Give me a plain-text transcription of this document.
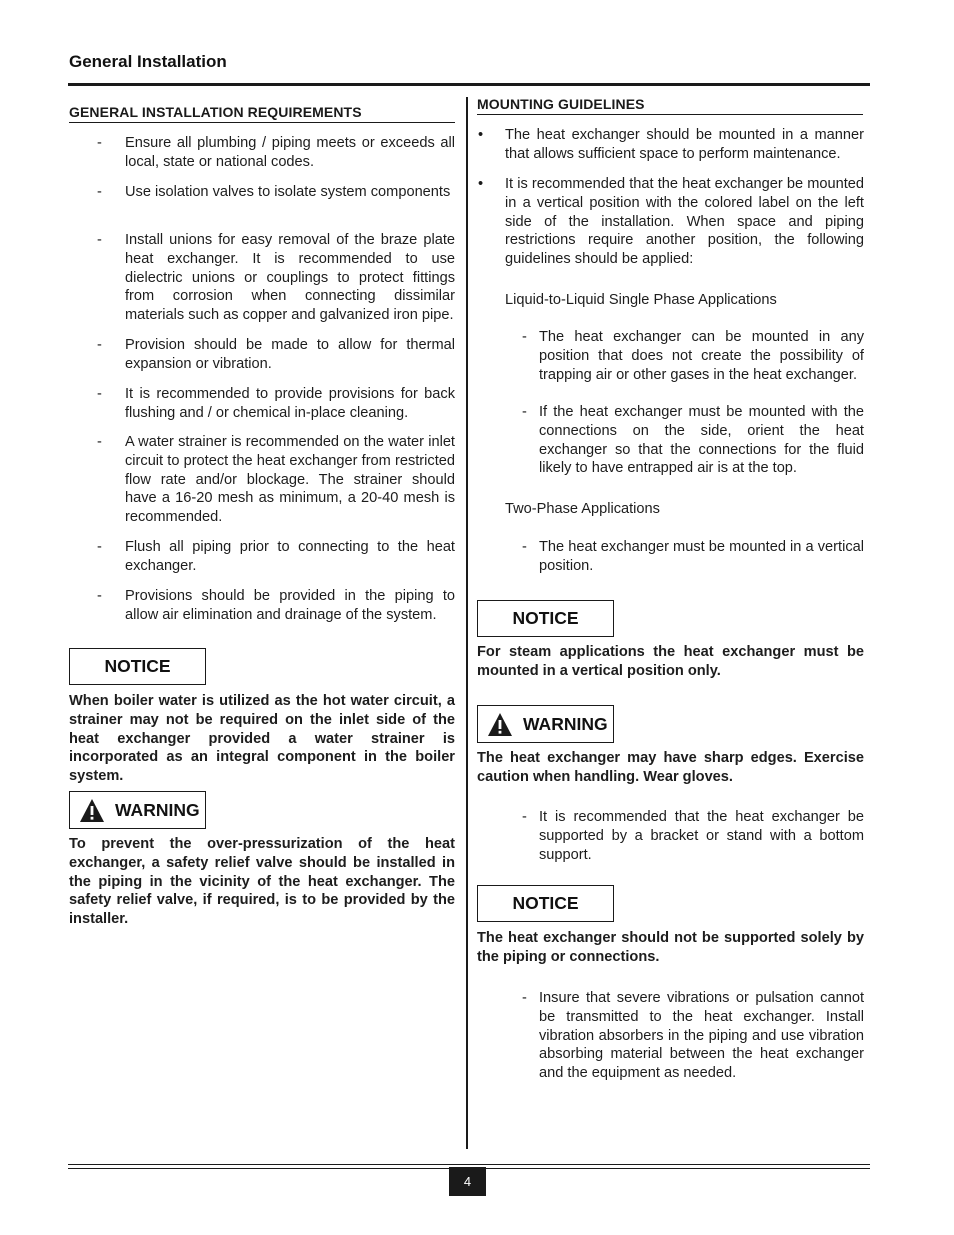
General Installation
GENERAL INSTALLATION REQUIREMENTS
- Ensure all plumbing / piping meets or exceeds all local, state or national codes.
- Use isolation valves to isolate system components
- Install unions for easy removal of the braze plate heat exchanger. It is recommended to use dielectric unions or couplings to protect fittings from corrosion when connecting dissimilar materials such as copper and galvanized iron pipe.
- Provision should be made to allow for thermal expansion or vibration.
- It is recommended to provide provisions for back flushing and / or chemical in-place cleaning.
- A water strainer is recommended on the water inlet circuit to protect the heat exchanger from restricted flow rate and/or blockage. The strainer should have a 16-20 mesh as minimum, a 20-40 mesh is recommended.
- Flush all piping prior to connecting to the heat exchanger.
- Provisions should be provided in the piping to allow air elimination and drainage of the system.
NOTICE
When boiler water is utilized as the hot water circuit, a strainer may not be required on the inlet side of the heat exchanger provided a water strainer is incorporated as an integral component in the boiler system.
WARNING
To prevent the over-pressurization of the heat exchanger, a safety relief valve should be installed in the piping in the vicinity of the heat exchanger. The safety relief valve, if required, is to be provided by the installer.
MOUNTING GUIDELINES
• The heat exchanger should be mounted in a manner that allows sufficient space to perform maintenance.
• It is recommended that the heat exchanger be mounted in a vertical position with the colored label on the left side of the installation. When space and piping restrictions require another position, the following guidelines should be applied:
Liquid-to-Liquid Single Phase Applications
- The heat exchanger can be mounted in any position that does not create the possibility of trapping air or other gases in the heat exchanger.
- If the heat exchanger must be mounted with the connections on the side, orient the heat exchanger so that the connections for the fluid likely to have entrapped air is at the top.
Two-Phase Applications
- The heat exchanger must be mounted in a vertical position.
NOTICE
For steam applications the heat exchanger must be mounted in a vertical position only.
WARNING
The heat exchanger may have sharp edges. Exercise caution when handling. Wear gloves.
- It is recommended that the heat exchanger be supported by a bracket or stand with a bottom support.
NOTICE
The heat exchanger should not be supported solely by the piping or connections.
- Insure that severe vibrations or pulsation cannot be transmitted to the heat exchanger. Install vibration absorbers in the piping and use vibration absorbing material between the heat exchanger and the equipment as needed.
4
